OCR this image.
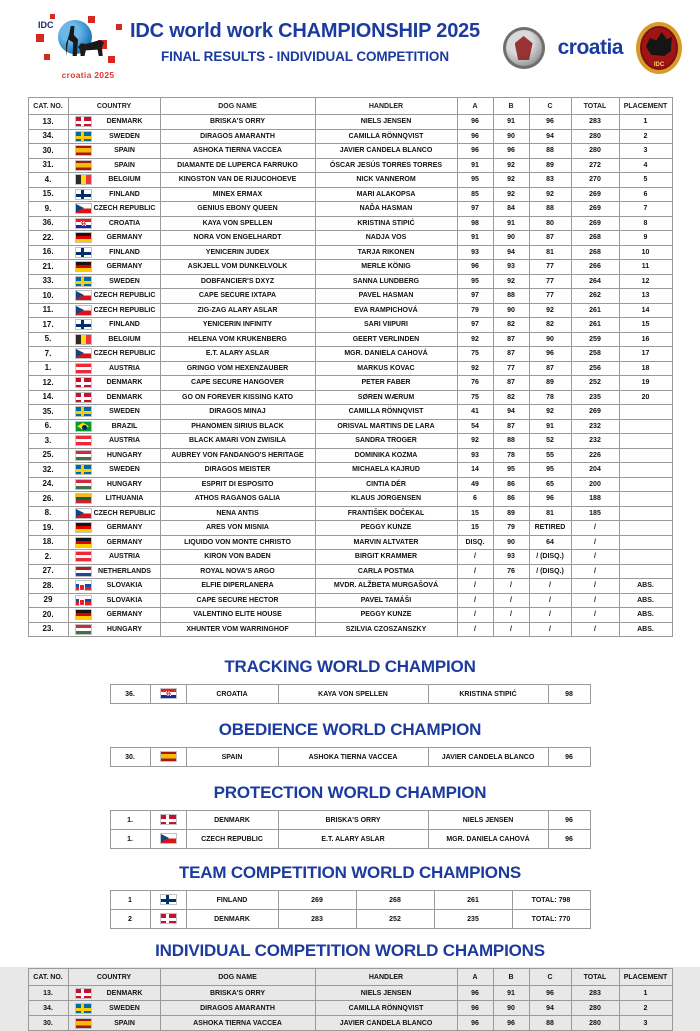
IDC
croatia 2025
IDC world work CHAMPIONSHIP 2025
FINAL RESULTS - INDIVIDUAL COMPETITION	croatia
IDC
CAT. NO.	COUNTRY	DOG NAME	HANDLER	A	B	C	TOTAL	PLACEMENT
13.	DENMARK	BRISKA'S ORRY	NIELS JENSEN	96	91	96	283	1
34.	SWEDEN	DIRAGOS AMARANTH	CAMILLA RÖNNQVIST	96	90	94	280	2
30.	SPAIN	ASHOKA TIERNA VACCEA	JAVIER CANDELA BLANCO	96	96	88	280	3
31.	SPAIN	DIAMANTE DE LUPERCA FARRUKO	ÓSCAR JESÚS TORRES TORRES	91	92	89	272	4
4.	BELGIUM	KINGSTON VAN DE RIJUCOHOEVE	NICK VANNEROM	95	92	83	270	5
15.	FINLAND	MINEX ERMAX	MARI ALAKOPSA	85	92	92	269	6
9.	CZECH REPUBLIC	GENIUS EBONY QUEEN	NAĎA HASMAN	97	84	88	269	7
36.	CROATIA	KAYA VON SPELLEN	KRISTINA STIPIĆ	98	91	80	269	8
22.	GERMANY	NORA VON ENGELHARDT	NADJA VOS	91	90	87	268	9
16.	FINLAND	YENICERIN JUDEX	TARJA RIKONEN	93	94	81	268	10
21.	GERMANY	ASKJELL VOM DUNKELVOLK	MERLE KÖNIG	96	93	77	266	11
33.	SWEDEN	DOBFANCIER'S DXYZ	SANNA LUNDBERG	95	92	77	264	12
10.	CZECH REPUBLIC	CAPE SECURE IXTAPA	PAVEL HASMAN	97	88	77	262	13
11.	CZECH REPUBLIC	ZIG-ZAG ALARY ASLAR	EVA RAMPICHOVÁ	79	90	92	261	14
17.	FINLAND	YENICERIN INFINITY	SARI VIIPURI	97	82	82	261	15
5.	BELGIUM	HELENA VOM KRUKENBERG	GEERT VERLINDEN	92	87	90	259	16
7.	CZECH REPUBLIC	E.T. ALARY ASLAR	MGR. DANIELA CAHOVÁ	75	87	96	258	17
1.	AUSTRIA	GRINGO VOM HEXENZAUBER	MARKUS KOVAC	92	77	87	256	18
12.	DENMARK	CAPE SECURE HANGOVER	PETER FABER	76	87	89	252	19
14.	DENMARK	GO ON FOREVER KISSING KATO	SØREN WÆRUM	75	82	78	235	20
35.	SWEDEN	DIRAGOS MINAJ	CAMILLA RÖNNQVIST	41	94	92	269	
6.	BRAZIL	PHANOMEN SIRIUS BLACK	ORISVAL MARTINS DE LARA	54	87	91	232	
3.	AUSTRIA	BLACK AMARI VON ZWISILA	SANDRA TROGER	92	88	52	232	
25.	HUNGARY	AUBREY VON FANDANGO'S HERITAGE	DOMINIKA KOZMA	93	78	55	226	
32.	SWEDEN	DIRAGOS MEISTER	MICHAELA KAJRUD	14	95	95	204	
24.	HUNGARY	ESPRIT DI ESPOSITO	CINTIA DÉR	49	86	65	200	
26.	LITHUANIA	ATHOS RAGANOS GALIA	KLAUS JORGENSEN	6	86	96	188	
8.	CZECH REPUBLIC	NENA ANTIS	FRANTIŠEK DOČEKAL	15	89	81	185	
19.	GERMANY	ARES VON MISNIA	PEGGY KUNZE	15	79	RETIRED	/	
18.	GERMANY	LIQUIDO VON MONTE CHRISTO	MARVIN ALTVATER	DISQ.	90	64	/	
2.	AUSTRIA	KIRON VON BADEN	BIRGIT KRAMMER	/	93	/ (DISQ.)	/	
27.	NETHERLANDS	ROYAL NOVA'S ARGO	CARLA POSTMA	/	76	/ (DISQ.)	/	
28.	SLOVAKIA	ELFIE DIPERLANERA	MVDR. ALŽBETA MURGAŠOVÁ	/	/	/	/	ABS.
29	SLOVAKIA	CAPE SECURE HECTOR	PAVEL TAMÁŠI	/	/	/	/	ABS.
20.	GERMANY	VALENTINO ELITE HOUSE	PEGGY KUNZE	/	/	/	/	ABS.
23.	HUNGARY	XHUNTER VOM WARRINGHOF	SZILVIA CZOSZANSZKY	/	/	/	/	ABS.
TRACKING WORLD CHAMPION
36.		CROATIA	KAYA VON SPELLEN	KRISTINA STIPIĆ	98
OBEDIENCE WORLD CHAMPION
30.		SPAIN	ASHOKA TIERNA VACCEA	JAVIER CANDELA BLANCO	96
PROTECTION WORLD CHAMPION
1.		DENMARK	BRISKA'S ORRY	NIELS JENSEN	96
1.		CZECH REPUBLIC	E.T. ALARY ASLAR	MGR. DANIELA CAHOVÁ	96
TEAM COMPETITION WORLD CHAMPIONS
1		FINLAND	269	268	261	TOTAL: 798
2		DENMARK	283	252	235	TOTAL: 770
INDIVIDUAL COMPETITION WORLD CHAMPIONS
CAT. NO.	COUNTRY	DOG NAME	HANDLER	A	B	C	TOTAL	PLACEMENT
13.	DENMARK	BRISKA'S ORRY	NIELS JENSEN	96	91	96	283	1
34.	SWEDEN	DIRAGOS AMARANTH	CAMILLA RÖNNQVIST	96	90	94	280	2
30.	SPAIN	ASHOKA TIERNA VACCEA	JAVIER CANDELA BLANCO	96	96	88	280	3
